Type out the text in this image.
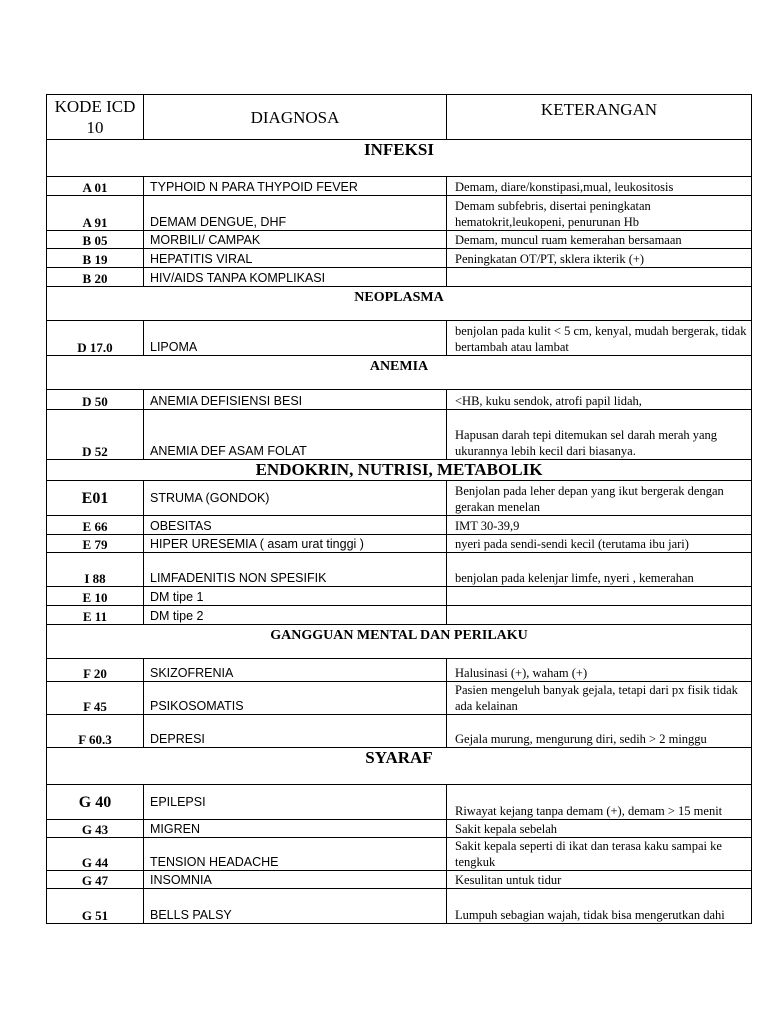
KODE ICD 10	DIAGNOSA	KETERANGAN
INFEKSI		
A 01	TYPHOID N PARA THYPOID FEVER	Demam, diare/konstipasi,mual, leukositosis
A 91	DEMAM DENGUE, DHF	Demam subfebris, disertai peningkatan hematokrit,leukopeni, penurunan Hb
B 05	MORBILI/ CAMPAK	Demam, muncul ruam kemerahan bersamaan
B 19	HEPATITIS VIRAL	Peningkatan OT/PT, sklera ikterik (+)
B 20	HIV/AIDS TANPA KOMPLIKASI	
NEOPLASMA		
D 17.0	LIPOMA	benjolan pada kulit < 5 cm, kenyal, mudah bergerak, tidak bertambah atau lambat
ANEMIA		
D 50	ANEMIA DEFISIENSI BESI	<HB, kuku sendok, atrofi papil lidah,
D 52	ANEMIA DEF ASAM FOLAT	Hapusan darah tepi ditemukan sel darah merah yang ukurannya lebih kecil dari biasanya.
ENDOKRIN, NUTRISI, METABOLIK		
E01	STRUMA (GONDOK)	Benjolan pada leher depan yang ikut bergerak dengan gerakan menelan
E 66	OBESITAS	IMT 30-39,9
E 79	HIPER URESEMIA ( asam urat tinggi )	nyeri pada sendi-sendi kecil (terutama ibu jari)
I 88	LIMFADENITIS NON SPESIFIK	benjolan pada kelenjar limfe, nyeri , kemerahan
E 10	DM tipe 1	
E 11	DM tipe 2	
GANGGUAN MENTAL DAN PERILAKU		
F 20	SKIZOFRENIA	Halusinasi (+), waham (+)
F 45	PSIKOSOMATIS	Pasien mengeluh banyak gejala, tetapi dari px fisik tidak ada kelainan
F 60.3	DEPRESI	Gejala murung, mengurung diri, sedih > 2 minggu
SYARAF		
G 40	EPILEPSI	Riwayat kejang tanpa demam (+), demam > 15 menit
G 43	MIGREN	Sakit kepala sebelah
G 44	TENSION HEADACHE	Sakit kepala seperti di ikat dan terasa kaku sampai ke tengkuk
G 47	INSOMNIA	Kesulitan untuk tidur
G 51	BELLS PALSY	Lumpuh sebagian wajah, tidak bisa mengerutkan dahi
